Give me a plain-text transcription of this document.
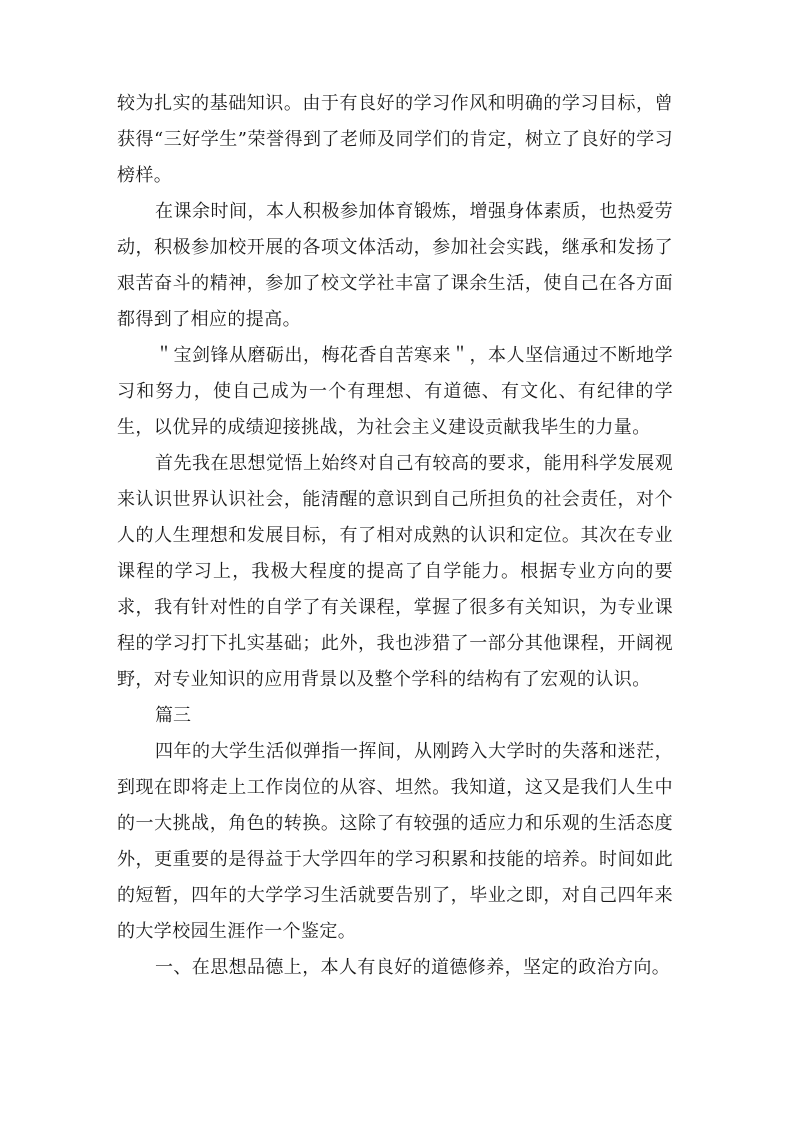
较为扎实的基础知识。由于有良好的学习作风和明确的学习目标，曾获得“三好学生”荣誉得到了老师及同学们的肯定，树立了良好的学习榜样。

在课余时间，本人积极参加体育锻炼，增强身体素质，也热爱劳动，积极参加校开展的各项文体活动，参加社会实践，继承和发扬了艰苦奋斗的精神，参加了校文学社丰富了课余生活，使自己在各方面都得到了相应的提高。

＂宝剑锋从磨砺出，梅花香自苦寒来＂，本人坚信通过不断地学习和努力，使自己成为一个有理想、有道德、有文化、有纪律的学生，以优异的成绩迎接挑战，为社会主义建设贡献我毕生的力量。

首先我在思想觉悟上始终对自己有较高的要求，能用科学发展观来认识世界认识社会，能清醒的意识到自己所担负的社会责任，对个人的人生理想和发展目标，有了相对成熟的认识和定位。其次在专业课程的学习上，我极大程度的提高了自学能力。根据专业方向的要求，我有针对性的自学了有关课程，掌握了很多有关知识，为专业课程的学习打下扎实基础；此外，我也涉猎了一部分其他课程，开阔视野，对专业知识的应用背景以及整个学科的结构有了宏观的认识。

篇三

四年的大学生活似弹指一挥间，从刚跨入大学时的失落和迷茫，到现在即将走上工作岗位的从容、坦然。我知道，这又是我们人生中的一大挑战，角色的转换。这除了有较强的适应力和乐观的生活态度外，更重要的是得益于大学四年的学习积累和技能的培养。时间如此的短暂，四年的大学学习生活就要告别了，毕业之即，对自己四年来的大学校园生涯作一个鉴定。

一、在思想品德上，本人有良好的道德修养，坚定的政治方向。
